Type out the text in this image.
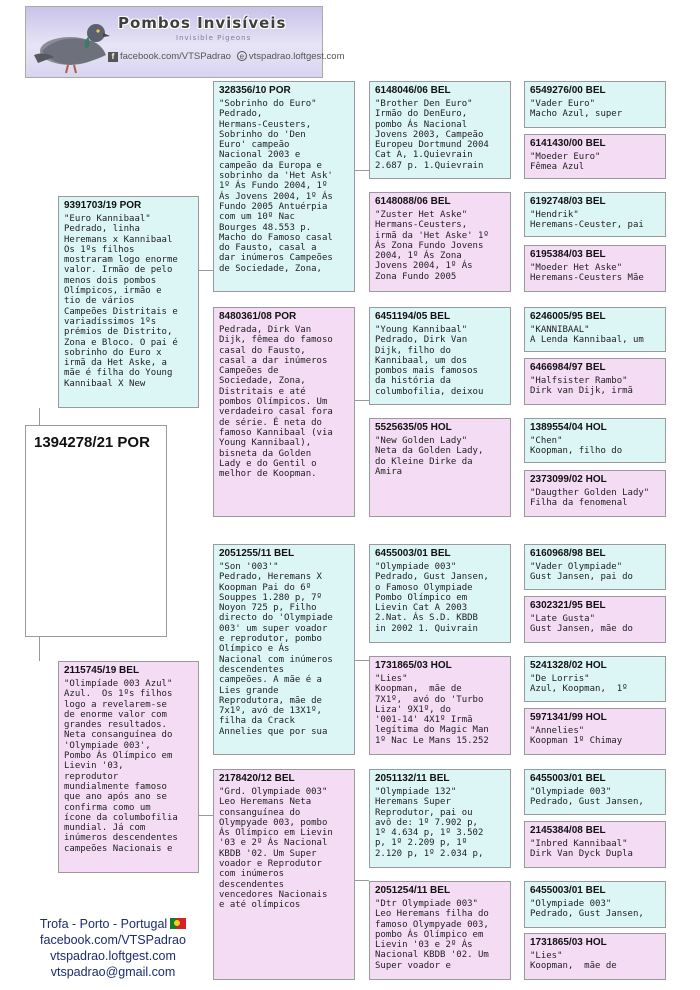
Pombos Invisíveis
Invisible Pigeons
f facebook.com/VTSPadrao e vtspadrao.loftgest.com
1394278/21 POR
9391703/19 POR
"Euro Kannibaal"
Pedrado, linha
Heremans x Kannibaal
Os 1ºs filhos
mostraram logo enorme
valor. Irmão de pelo
menos dois pombos
Olímpicos, irmão e
tio de vários
Campeões Distritais e
variadíssimos 1ºs
prémios de Distrito,
Zona e Bloco. O pai é
sobrinho do Euro x
irmã da Het Aske, a
mãe é filha do Young
Kannibaal X New
2115745/19 BEL
"Olimpíade 003 Azul"
Azul.  Os 1ºs filhos
logo a revelarem-se
de enorme valor com
grandes resultados.
Neta consanguínea do
'Olympiade 003',
Pombo Ás Olímpico em
Lievin '03,
reprodutor
mundialmente famoso
que ano após ano se
confirma como um
ícone da columbofilia
mundial. Já com
inúmeros descendentes
campeões Nacionais e
328356/10 POR
"Sobrinho do Euro"
Pedrado,
Hermans-Ceusters,
Sobrinho do 'Den
Euro' campeão
Nacional 2003 e
campeão da Europa e
sobrinho da 'Het Ask'
1º Ás Fundo 2004, 1º
Ás Jovens 2004, 1º Ás
Fundo 2005 Antuérpia
com um 10º Nac
Bourges 48.553 p.
Macho do Famoso casal
do Fausto, casal a
dar inúmeros Campeões
de Sociedade, Zona,
8480361/08 POR
Pedrada, Dirk Van
Dijk, fêmea do famoso
casal do Fausto,
casal a dar inúmeros
Campeões de
Sociedade, Zona,
Distritais e até
pombos Olímpicos. Um
verdadeiro casal fora
de série. É neta do
famoso Kannibaal (via
Young Kannibaal),
bisneta da Golden
Lady e do Gentil o
melhor de Koopman.
2051255/11 BEL
"Son '003'"
Pedrado, Heremans X
Koopman Pai do 6º
Souppes 1.280 p, 7º
Noyon 725 p, Filho
directo do 'Olympiade
003' um super voador
e reprodutor, pombo
Olímpico e Ás
Nacional com inúmeros
descendentes
campeões. A mãe é a
Lies grande
Reprodutora, mãe de
7x1º, avó de 13X1º,
filha da Crack
Annelies que por sua
2178420/12 BEL
"Grd. Olympiade 003"
Leo Heremans Neta
consanguínea do
Olympyade 003, pombo
Ás Olímpico em Lievin
'03 e 2º Ás Nacional
KBDB '02. Um Super
voador e Reprodutor
com inúmeros
descendentes
vencedores Nacionais
e até olímpicos
6148046/06 BEL
"Brother Den Euro"
Irmão do DenEuro,
pombo Ás Nacional
Jovens 2003, Campeão
Europeu Dortmund 2004
Cat A, 1.Quievrain
2.687 p. 1.Quievrain
6148088/06 BEL
"Zuster Het Aske"
Hermans-Ceusters,
irmã da 'Het Aske' 1º
Ás Zona Fundo Jovens
2004, 1º Ás Zona
Jovens 2004, 1º Ás
Zona Fundo 2005
6451194/05 BEL
"Young Kannibaal"
Pedrado, Dirk Van
Dijk, filho do
Kannibaal, um dos
pombos mais famosos
da história da
columbofilia, deixou
5525635/05 HOL
"New Golden Lady"
Neta da Golden Lady,
do Kleine Dirke da
Amira
6455003/01 BEL
"Olympiade 003"
Pedrado, Gust Jansen,
o Famoso Olympiade
Pombo Olímpico em
Lievin Cat A 2003
2.Nat. Ás S.D. KBDB
in 2002 1. Quivrain
1731865/03 HOL
"Lies"
Koopman,  mãe de
7X1º,  avó do 'Turbo
Liza' 9X1º, do
'001-14' 4X1º Irmã
legítima do Magic Man
1º Nac Le Mans 15.252
2051132/11 BEL
"Olympiade 132"
Heremans Super
Reprodutor, pai ou
avô de: 1º 7.902 p,
1º 4.634 p, 1º 3.502
p, 1º 2.209 p, 1º
2.120 p, 1º 2.034 p,
2051254/11 BEL
"Dtr Olympiade 003"
Leo Heremans filha do
famoso Olympyade 003,
pombo Ás Olímpico em
Lievin '03 e 2º Ás
Nacional KBDB '02. Um
Super voador e
6549276/00 BEL
"Vader Euro"
Macho Azul, super
6141430/00 BEL
"Moeder Euro"
Fêmea Azul
6192748/03 BEL
"Hendrik"
Heremans-Ceuster, pai
6195384/03 BEL
"Moeder Het Aske"
Heremans-Ceusters Mãe
6246005/95 BEL
"KANNIBAAL"
A Lenda Kannibaal, um
6466984/97 BEL
"Halfsister Rambo"
Dirk van Dijk, irmã
1389554/04 HOL
"Chen"
Koopman, filho do
2373099/02 HOL
"Daugther Golden Lady"
Filha da fenomenal
6160968/98 BEL
"Vader Olympiade"
Gust Jansen, pai do
6302321/95 BEL
"Late Gusta"
Gust Jansen, mãe do
5241328/02 HOL
"De Lorris"
Azul, Koopman,  1º
5971341/99 HOL
"Annelies"
Koopman 1º Chimay
6455003/01 BEL
"Olympiade 003"
Pedrado, Gust Jansen,
2145384/08 BEL
"Inbred Kannibaal"
Dirk Van Dyck Dupla
6455003/01 BEL
"Olympiade 003"
Pedrado, Gust Jansen,
1731865/03 HOL
"Lies"
Koopman,  mãe de
Trofa - Porto - Portugal
facebook.com/VTSPadrao
vtspadrao.loftgest.com
vtspadrao@gmail.com
